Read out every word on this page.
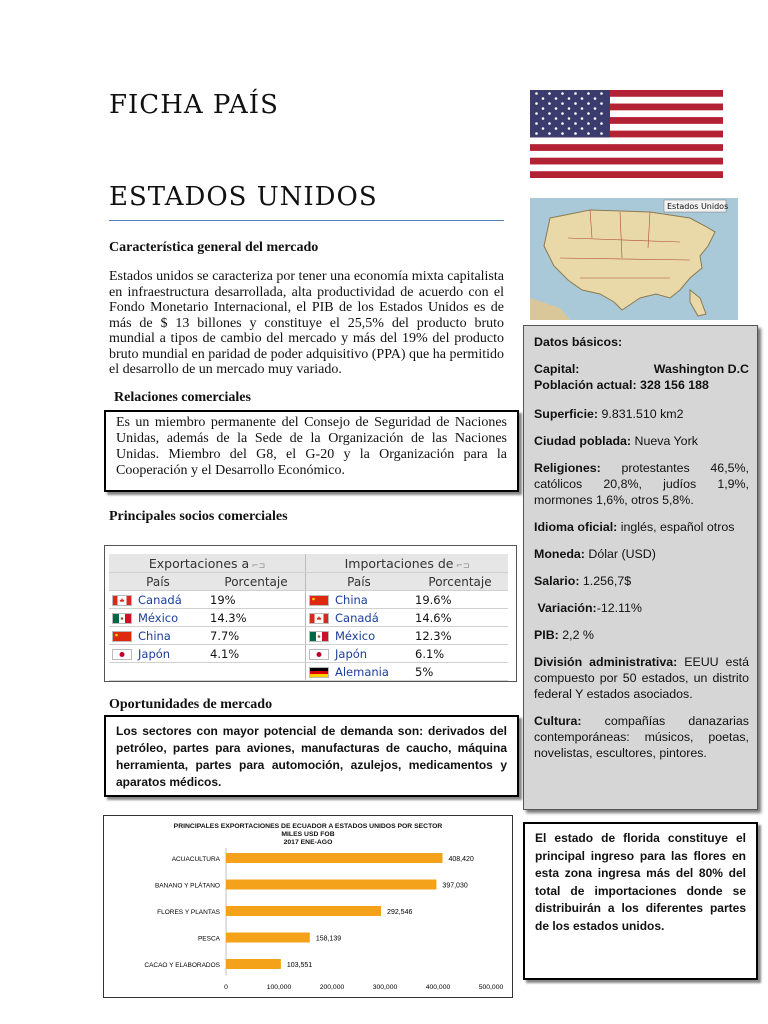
FICHA PAÍS
ESTADOS UNIDOS	Estados Unidos
Característica general del mercado
Estados unidos se caracteriza por tener una economía mixta capitalista en infraestructura desarrollada, alta productividad de acuerdo con el Fondo Monetario Internacional, el PIB de los Estados Unidos es de más de $ 13 billones y constituye el 25,5% del producto bruto mundial a tipos de cambio del mercado y más del 19% del producto bruto mundial en paridad de poder adquisitivo (PPA) que ha permitido el desarrollo de un mercado muy variado.
Relaciones comerciales
Es un miembro permanente del Consejo de Seguridad de Naciones Unidas, además de la Sede de la Organización de las Naciones Unidas. Miembro del G8, el G-20 y la Organización para la Cooperación y el Desarrollo Económico.
Principales socios comerciales
Exportaciones a ⌐⊐		Importaciones de ⌐⊐	
País	Porcentaje	País	Porcentaje
Canadá	19%	China	19.6%
México	14.3%	Canadá	14.6%
China	7.7%	México	12.3%
Japón	4.1%	Japón	6.1%
		Alemania	5%
Oportunidades de mercado
Los sectores con mayor potencial de demanda son: derivados del petróleo, partes para aviones, manufacturas de caucho, máquina herramienta, partes para automoción, azulejos, medicamentos y aparatos médicos.
PRINCIPALES EXPORTACIONES DE ECUADOR A ESTADOS UNIDOS POR SECTOR
MILES USD FOB
2017 ENE-AGO
ACUACULTURA	408,420
BANANO Y PLÁTANO	397,030
FLORES Y PLANTAS	292,546
PESCA	158,139
CACAO Y ELABORADOS	103,551
0	100,000	200,000	300,000	400,000	500,000

Datos básicos:

Capital:	Washington D.C
Población actual: 328 156 188

Superficie: 9.831.510 km2

Ciudad poblada: Nueva York

Religiones: protestantes 46,5%, católicos 20,8%, judíos 1,9%, mormones 1,6%, otros 5,8%.

Idioma oficial: inglés, español otros

Moneda: Dólar (USD)

Salario: 1.256,7$

Variación:-12.11%

PIB: 2,2 %

División administrativa: EEUU está compuesto por 50 estados, un distrito federal Y estados asociados.

Cultura: compañías danazarias contemporáneas: músicos, poetas, novelistas, escultores, pintores.

El estado de florida constituye el principal ingreso para las flores en esta zona ingresa más del 80% del total de importaciones donde se distribuirán a los diferentes partes de los estados unidos.
